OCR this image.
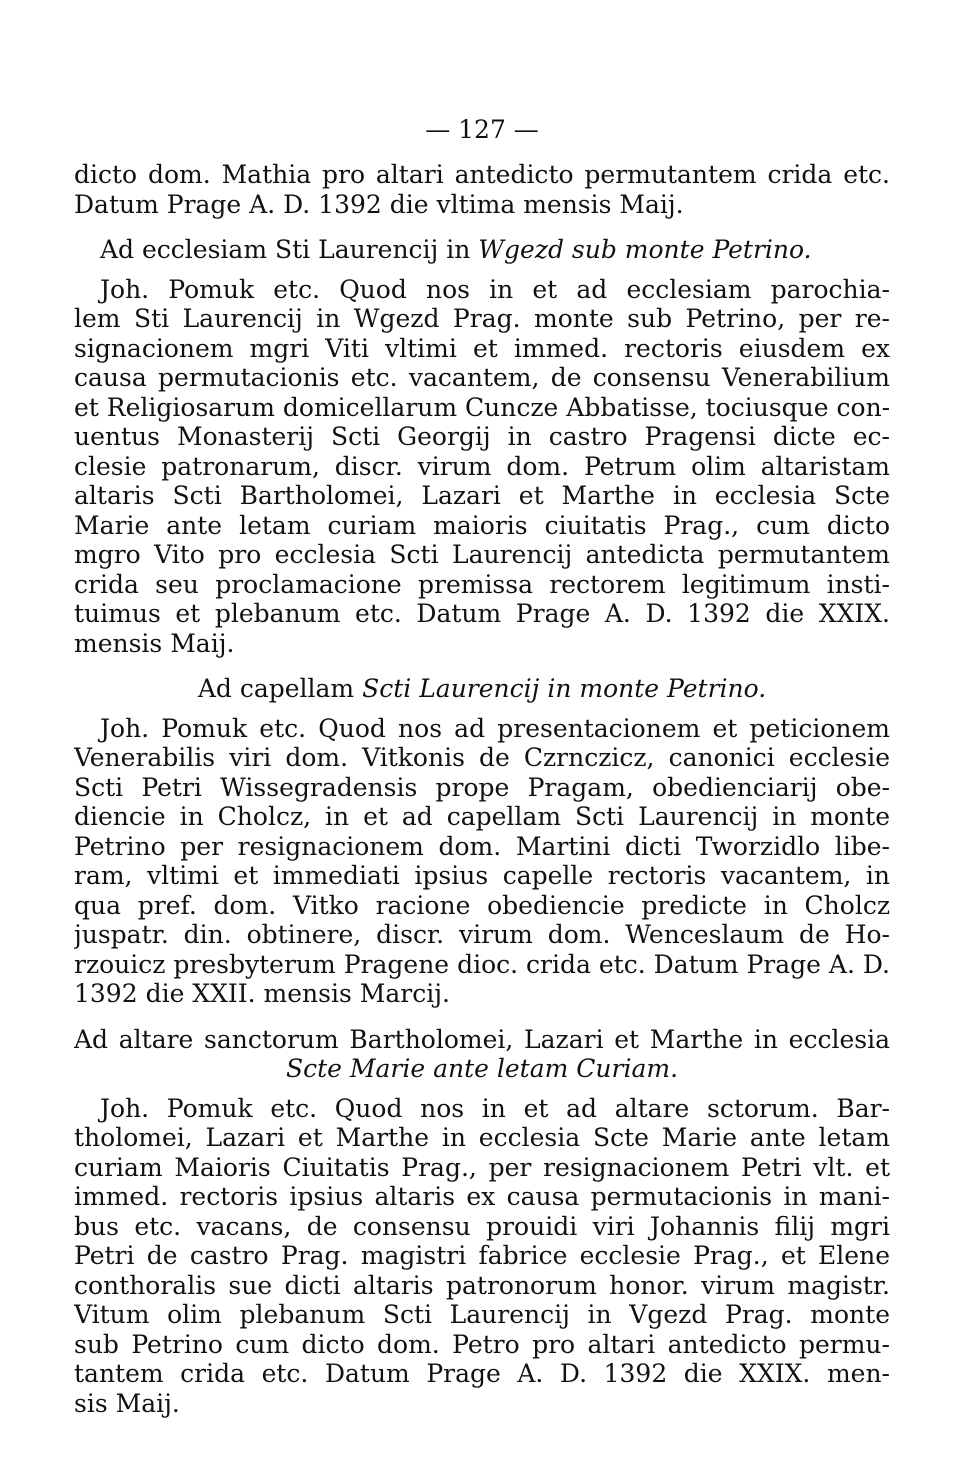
— 127 —
dicto dom. Mathia pro altari antedicto permutantem crida etc.
Datum Prage A. D. 1392 die vltima mensis Maij.
Ad ecclesiam Sti Laurencij in Wgezd sub monte Petrino.
Joh. Pomuk etc. Quod nos in et ad ecclesiam parochia-
lem Sti Laurencij in Wgezd Prag. monte sub Petrino, per re-
signacionem mgri Viti vltimi et immed. rectoris eiusdem ex
causa permutacionis etc. vacantem, de consensu Venerabilium
et Religiosarum domicellarum Cuncze Abbatisse, tociusque con-
uentus Monasterij Scti Georgij in castro Pragensi dicte ec-
clesie patronarum, discr. virum dom. Petrum olim altaristam
altaris Scti Bartholomei, Lazari et Marthe in ecclesia Scte
Marie ante letam curiam maioris ciuitatis Prag., cum dicto
mgro Vito pro ecclesia Scti Laurencij antedicta permutantem
crida seu proclamacione premissa rectorem legitimum insti-
tuimus et plebanum etc. Datum Prage A. D. 1392 die XXIX.
mensis Maij.
Ad capellam Scti Laurencij in monte Petrino.
Joh. Pomuk etc. Quod nos ad presentacionem et peticionem
Venerabilis viri dom. Vitkonis de Czrnczicz, canonici ecclesie
Scti Petri Wissegradensis prope Pragam, obedienciarij obe-
diencie in Cholcz, in et ad capellam Scti Laurencij in monte
Petrino per resignacionem dom. Martini dicti Tworzidlo libe-
ram, vltimi et immediati ipsius capelle rectoris vacantem, in
qua pref. dom. Vitko racione obediencie predicte in Cholcz
juspatr. din. obtinere, discr. virum dom. Wenceslaum de Ho-
rzouicz presbyterum Pragene dioc. crida etc. Datum Prage A. D.
1392 die XXII. mensis Marcij.
Ad altare sanctorum Bartholomei, Lazari et Marthe in ecclesia
Scte Marie ante letam Curiam.
Joh. Pomuk etc. Quod nos in et ad altare sctorum. Bar-
tholomei, Lazari et Marthe in ecclesia Scte Marie ante letam
curiam Maioris Ciuitatis Prag., per resignacionem Petri vlt. et
immed. rectoris ipsius altaris ex causa permutacionis in mani-
bus etc. vacans, de consensu prouidi viri Johannis filij mgri
Petri de castro Prag. magistri fabrice ecclesie Prag., et Elene
conthoralis sue dicti altaris patronorum honor. virum magistr.
Vitum olim plebanum Scti Laurencij in Vgezd Prag. monte
sub Petrino cum dicto dom. Petro pro altari antedicto permu-
tantem crida etc. Datum Prage A. D. 1392 die XXIX. men-
sis Maij.
